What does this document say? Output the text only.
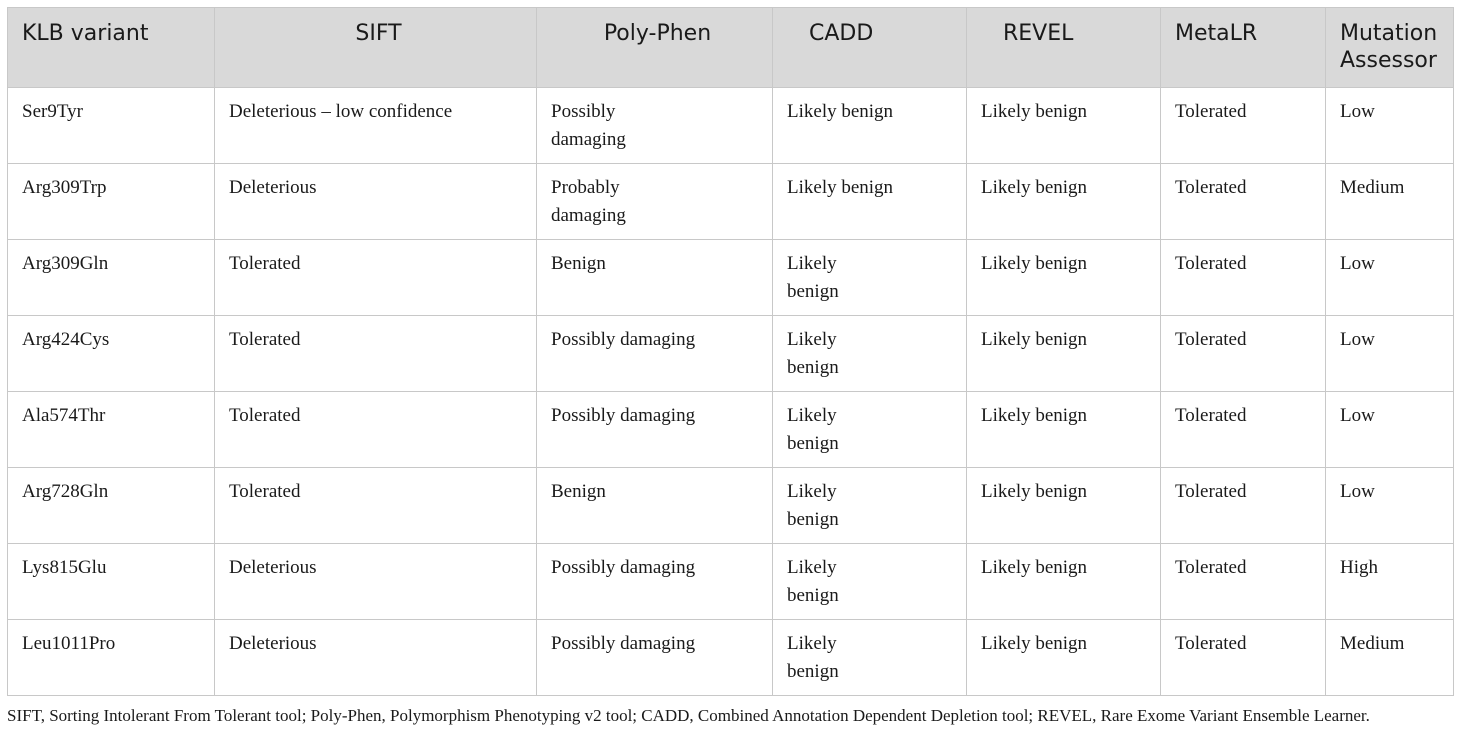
KLB variant	SIFT	Poly-Phen	CADD	REVEL	MetaLR	Mutation Assessor
Ser9Tyr	Deleterious – low confidence	Possibly damaging	Likely benign	Likely benign	Tolerated	Low
Arg309Trp	Deleterious	Probably damaging	Likely benign	Likely benign	Tolerated	Medium
Arg309Gln	Tolerated	Benign	Likely benign	Likely benign	Tolerated	Low
Arg424Cys	Tolerated	Possibly damaging	Likely benign	Likely benign	Tolerated	Low
Ala574Thr	Tolerated	Possibly damaging	Likely benign	Likely benign	Tolerated	Low
Arg728Gln	Tolerated	Benign	Likely benign	Likely benign	Tolerated	Low
Lys815Glu	Deleterious	Possibly damaging	Likely benign	Likely benign	Tolerated	High
Leu1011Pro	Deleterious	Possibly damaging	Likely benign	Likely benign	Tolerated	Medium
SIFT, Sorting Intolerant From Tolerant tool; Poly-Phen, Polymorphism Phenotyping v2 tool; CADD, Combined Annotation Dependent Depletion tool; REVEL, Rare Exome Variant Ensemble Learner.
